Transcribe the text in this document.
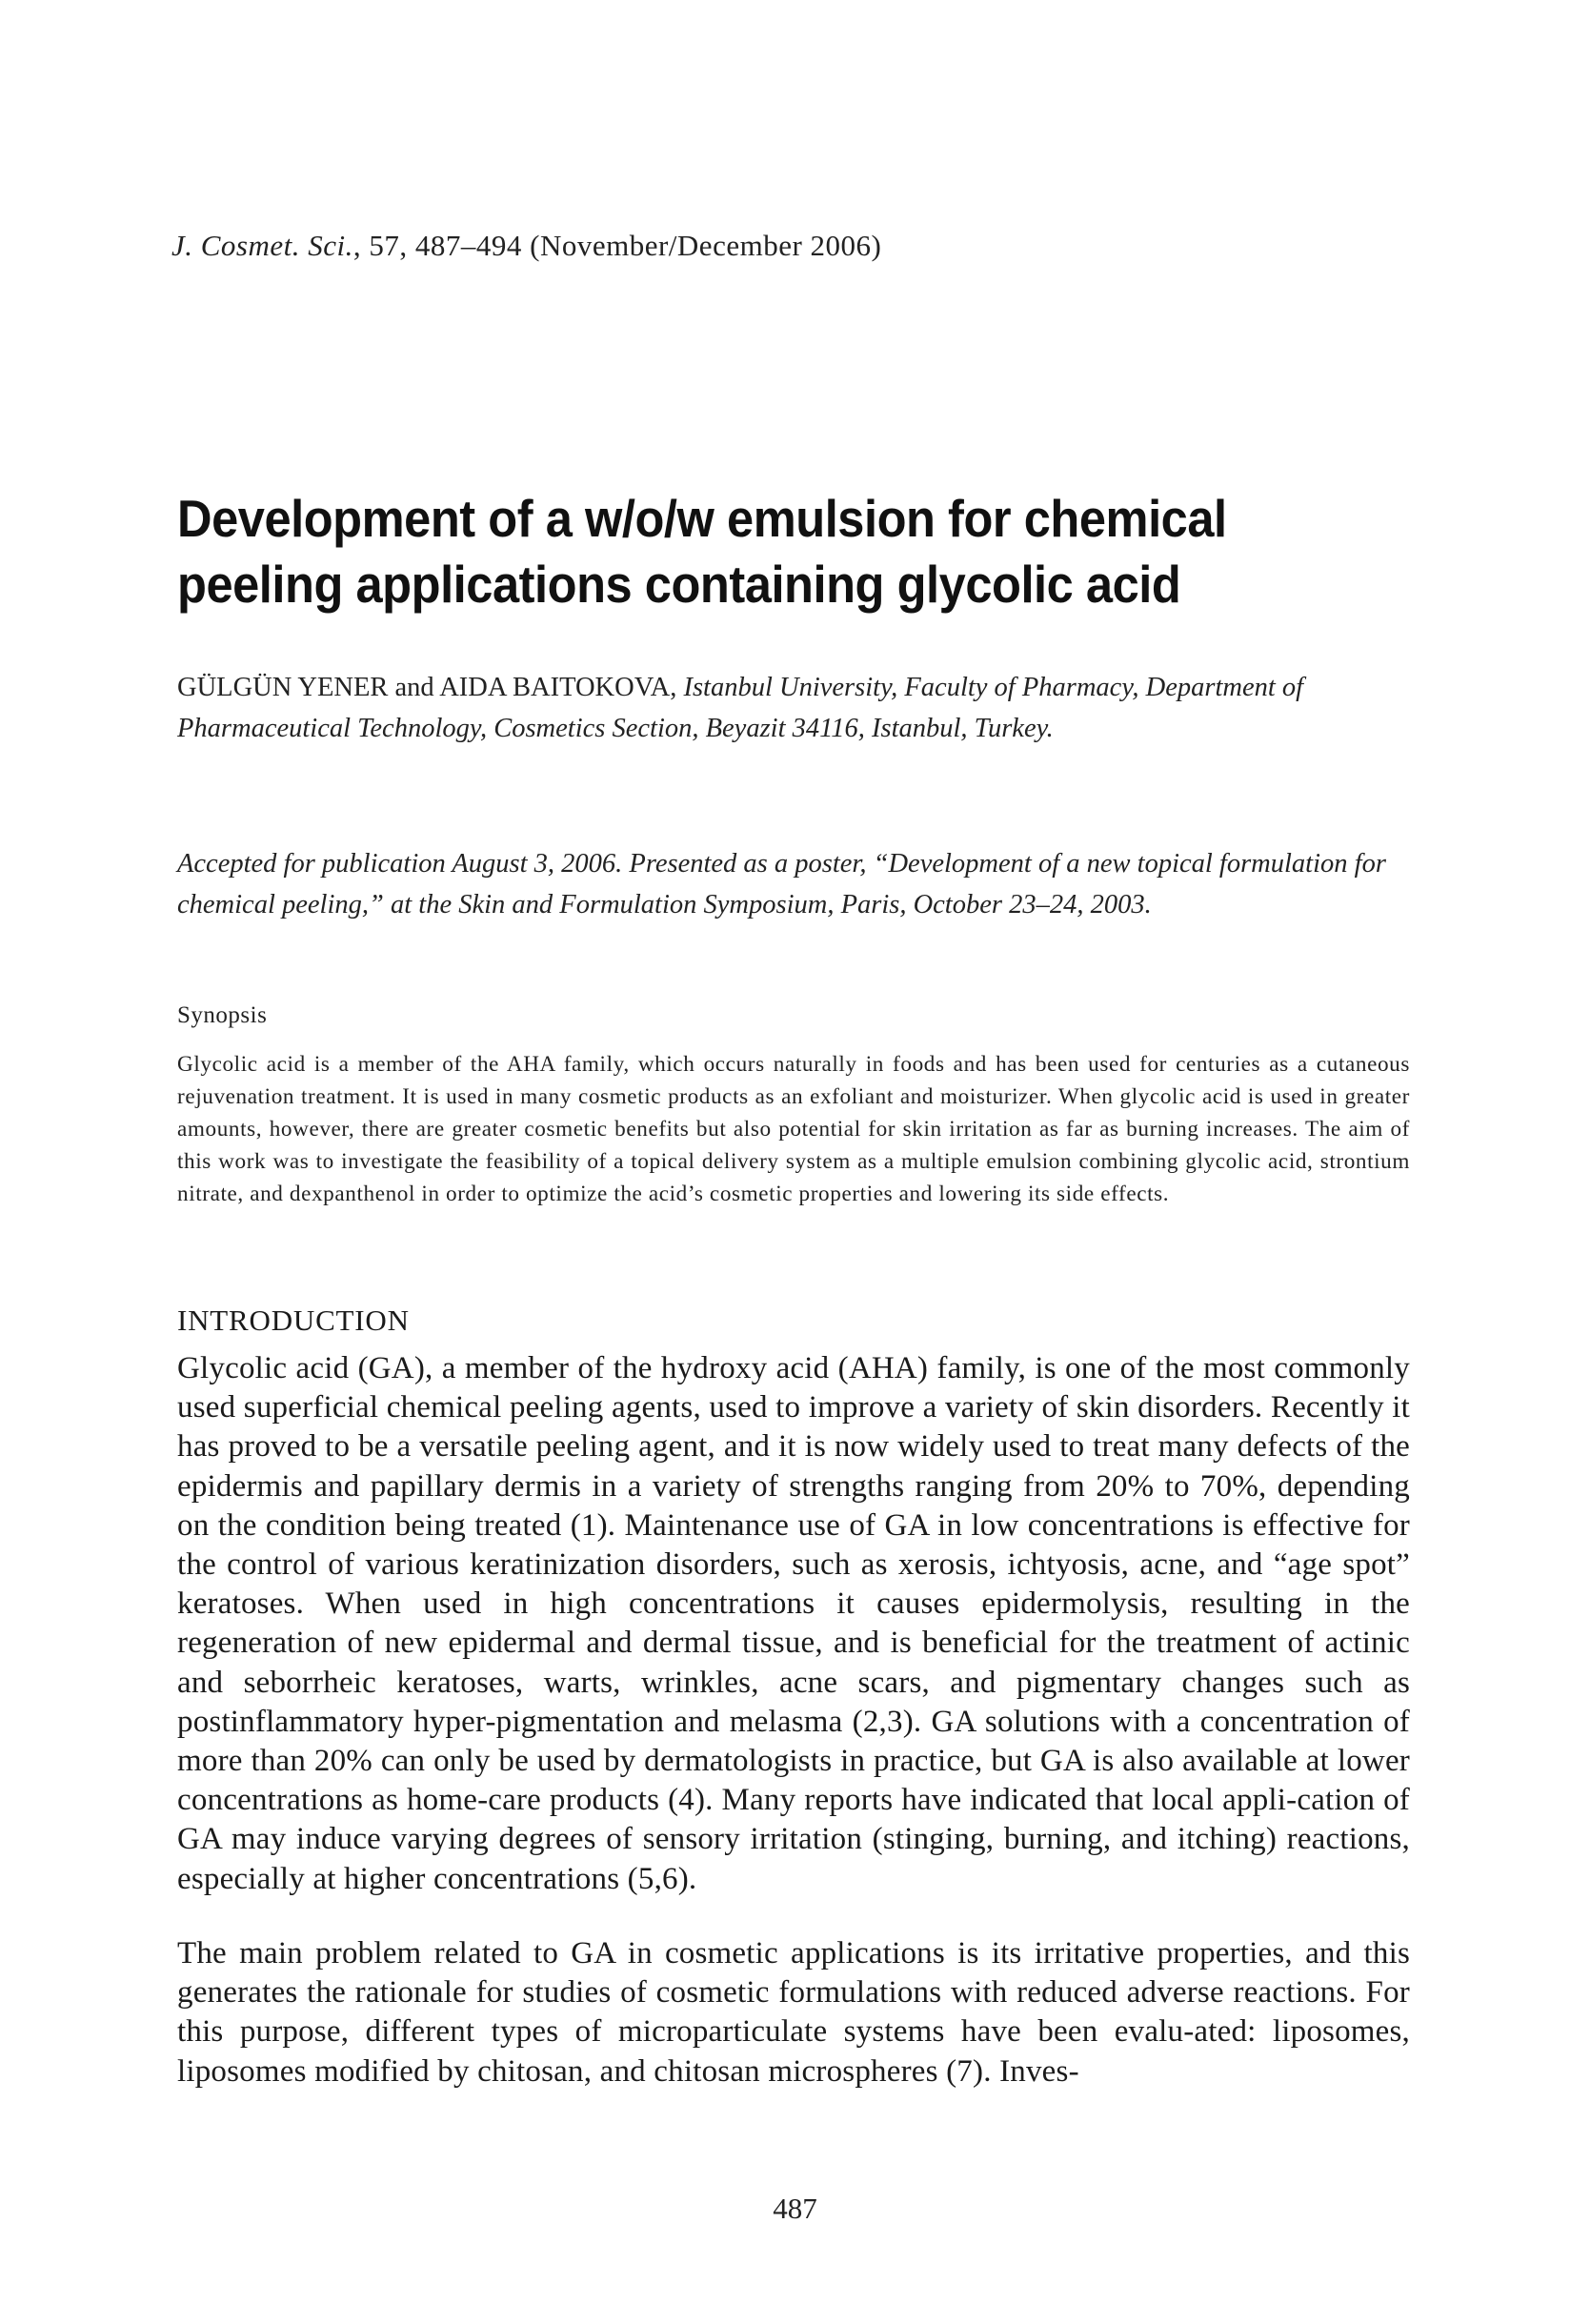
J. Cosmet. Sci., 57, 487–494 (November/December 2006)
Development of a w/o/w emulsion for chemical peeling applications containing glycolic acid
GÜLGÜN YENER and AIDA BAITOKOVA, Istanbul University, Faculty of Pharmacy, Department of Pharmaceutical Technology, Cosmetics Section, Beyazit 34116, Istanbul, Turkey.
Accepted for publication August 3, 2006. Presented as a poster, “Development of a new topical formulation for chemical peeling,” at the Skin and Formulation Symposium, Paris, October 23–24, 2003.
Synopsis
Glycolic acid is a member of the AHA family, which occurs naturally in foods and has been used for centuries as a cutaneous rejuvenation treatment. It is used in many cosmetic products as an exfoliant and moisturizer. When glycolic acid is used in greater amounts, however, there are greater cosmetic benefits but also potential for skin irritation as far as burning increases. The aim of this work was to investigate the feasibility of a topical delivery system as a multiple emulsion combining glycolic acid, strontium nitrate, and dexpanthenol in order to optimize the acid’s cosmetic properties and lowering its side effects.
INTRODUCTION
Glycolic acid (GA), a member of the hydroxy acid (AHA) family, is one of the most commonly used superficial chemical peeling agents, used to improve a variety of skin disorders. Recently it has proved to be a versatile peeling agent, and it is now widely used to treat many defects of the epidermis and papillary dermis in a variety of strengths ranging from 20% to 70%, depending on the condition being treated (1). Maintenance use of GA in low concentrations is effective for the control of various keratinization disorders, such as xerosis, ichtyosis, acne, and “age spot” keratoses. When used in high concentrations it causes epidermolysis, resulting in the regeneration of new epidermal and dermal tissue, and is beneficial for the treatment of actinic and seborrheic keratoses, warts, wrinkles, acne scars, and pigmentary changes such as postinflammatory hyper-pigmentation and melasma (2,3). GA solutions with a concentration of more than 20% can only be used by dermatologists in practice, but GA is also available at lower concentrations as home-care products (4). Many reports have indicated that local appli-cation of GA may induce varying degrees of sensory irritation (stinging, burning, and itching) reactions, especially at higher concentrations (5,6).
The main problem related to GA in cosmetic applications is its irritative properties, and this generates the rationale for studies of cosmetic formulations with reduced adverse reactions. For this purpose, different types of microparticulate systems have been evalu-ated: liposomes, liposomes modified by chitosan, and chitosan microspheres (7). Inves-
487
